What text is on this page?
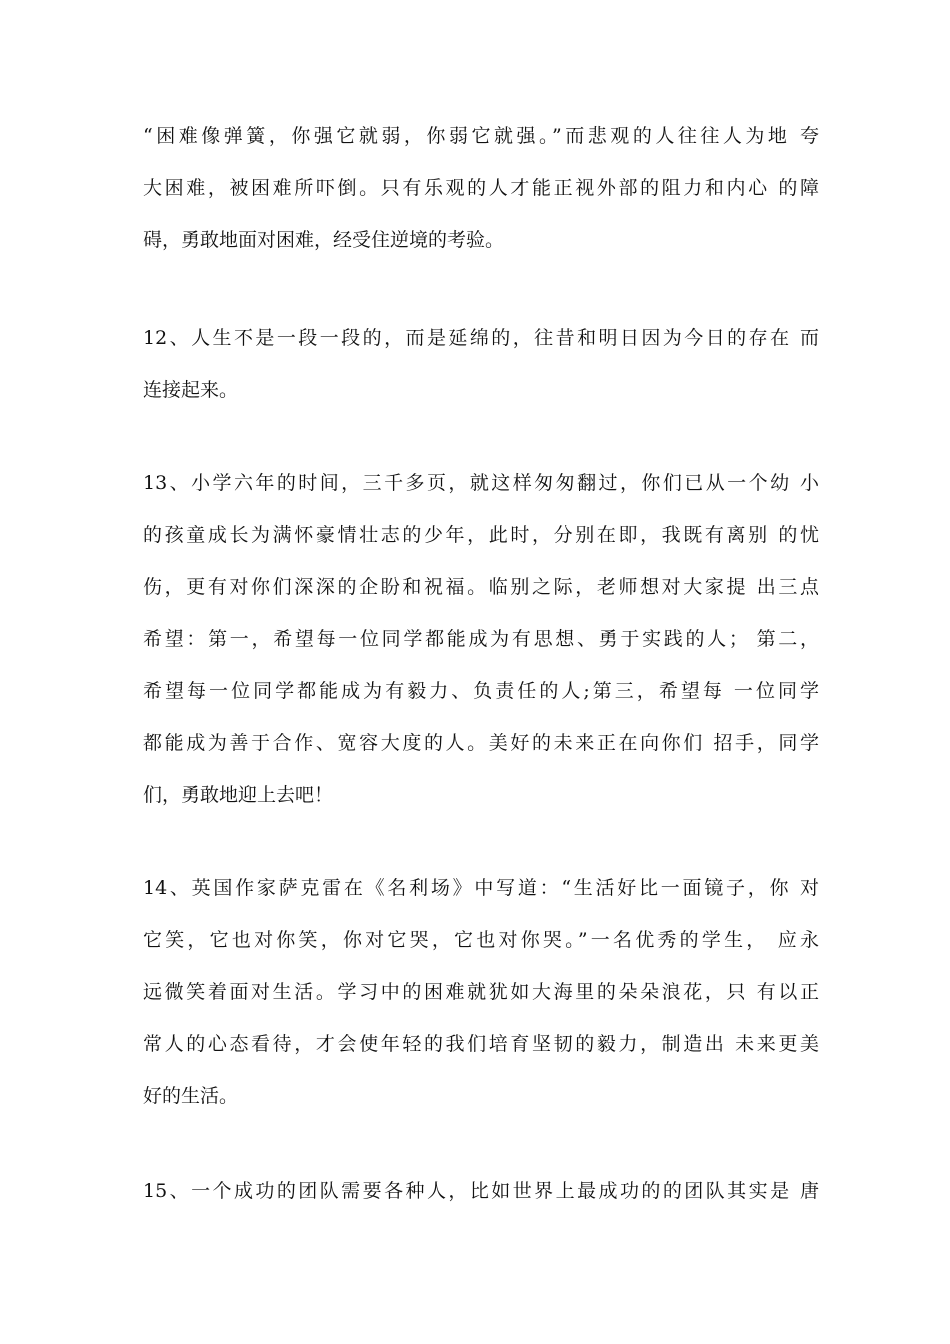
“困难像弹簧，你强它就弱，你弱它就强。”而悲观的人往往人为地 夸
大困难，被困难所吓倒。只有乐观的人才能正视外部的阻力和内心 的障
碍，勇敢地面对困难，经受住逆境的考验。
12、人生不是一段一段的，而是延绵的，往昔和明日因为今日的存在 而
连接起来。
13、小学六年的时间，三千多页，就这样匆匆翻过，你们已从一个幼 小
的孩童成长为满怀豪情壮志的少年，此时，分别在即，我既有离别 的忧
伤，更有对你们深深的企盼和祝福。临别之际，老师想对大家提 出三点
希望：第一，希望每一位同学都能成为有思想、勇于实践的人； 第二，
希望每一位同学都能成为有毅力、负责任的人;第三，希望每 一位同学
都能成为善于合作、宽容大度的人。美好的未来正在向你们 招手，同学
们，勇敢地迎上去吧！
14、英国作家萨克雷在《名利场》中写道：“生活好比一面镜子，你 对
它笑，它也对你笑，你对它哭，它也对你哭。”一名优秀的学生， 应永
远微笑着面对生活。学习中的困难就犹如大海里的朵朵浪花，只 有以正
常人的心态看待，才会使年轻的我们培育坚韧的毅力，制造出 未来更美
好的生活。
15、一个成功的团队需要各种人，比如世界上最成功的的团队其实是 唐
